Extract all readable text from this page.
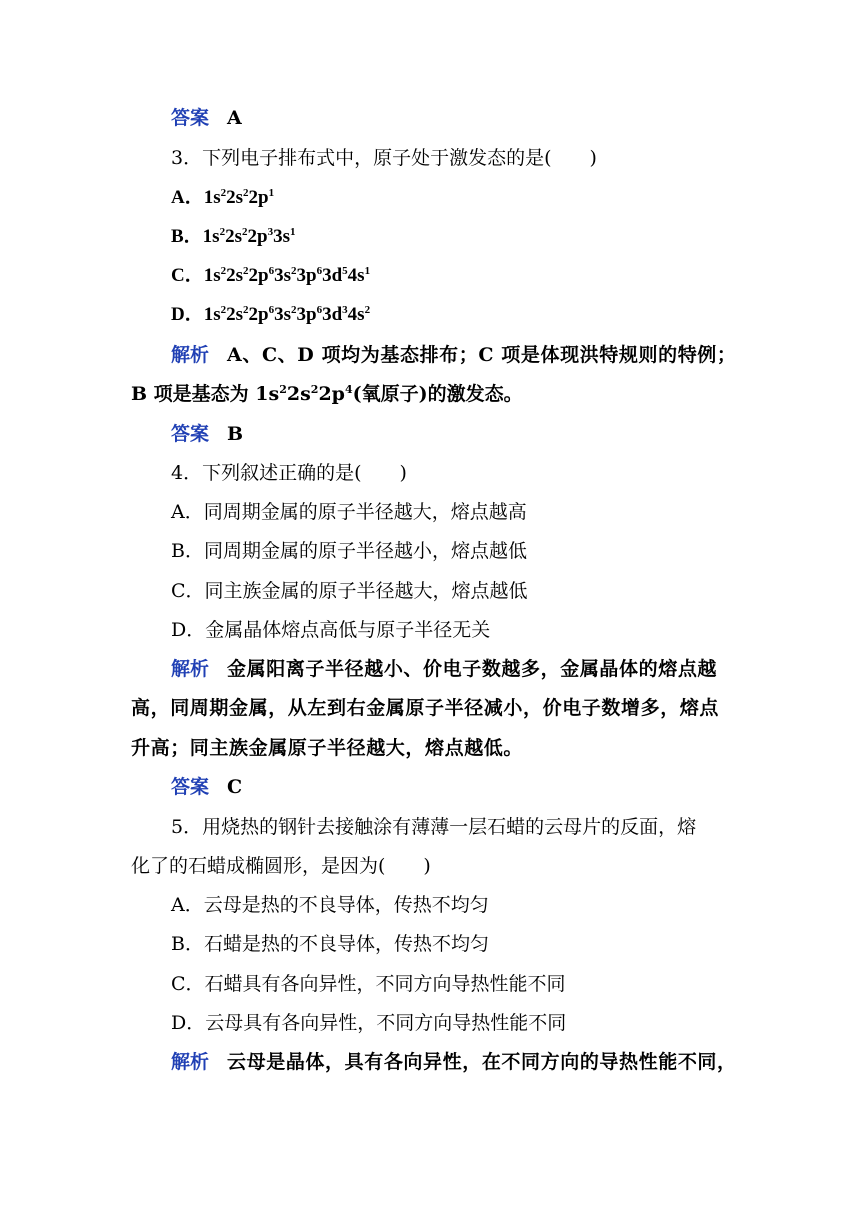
答案 A
3．下列电子排布式中，原子处于激发态的是(　　)
A．$1s^22s^22p^1$
B．$1s^22s^22p^33s^1$
C．$1s^22s^22p^63s^23p^63d^54s^1$
D．$1s^22s^22p^63s^23p^63d^34s^2$
解析 A、C、D 项均为基态排布；C 项是体现洪特规则的特例；
B 项是基态为 $1s^22s^22p^4$(氧原子)的激发态。
答案 B
4．下列叙述正确的是(　　)
A．同周期金属的原子半径越大，熔点越高
B．同周期金属的原子半径越小，熔点越低
C．同主族金属的原子半径越大，熔点越低
D．金属晶体熔点高低与原子半径无关
解析 金属阳离子半径越小、价电子数越多，金属晶体的熔点越
高，同周期金属，从左到右金属原子半径减小，价电子数增多，熔点
升高；同主族金属原子半径越大，熔点越低。
答案 C
5．用烧热的钢针去接触涂有薄薄一层石蜡的云母片的反面，熔
化了的石蜡成椭圆形，是因为(　　)
A．云母是热的不良导体，传热不均匀
B．石蜡是热的不良导体，传热不均匀
C．石蜡具有各向异性，不同方向导热性能不同
D．云母具有各向异性，不同方向导热性能不同
解析 云母是晶体，具有各向异性，在不同方向的导热性能不同，
